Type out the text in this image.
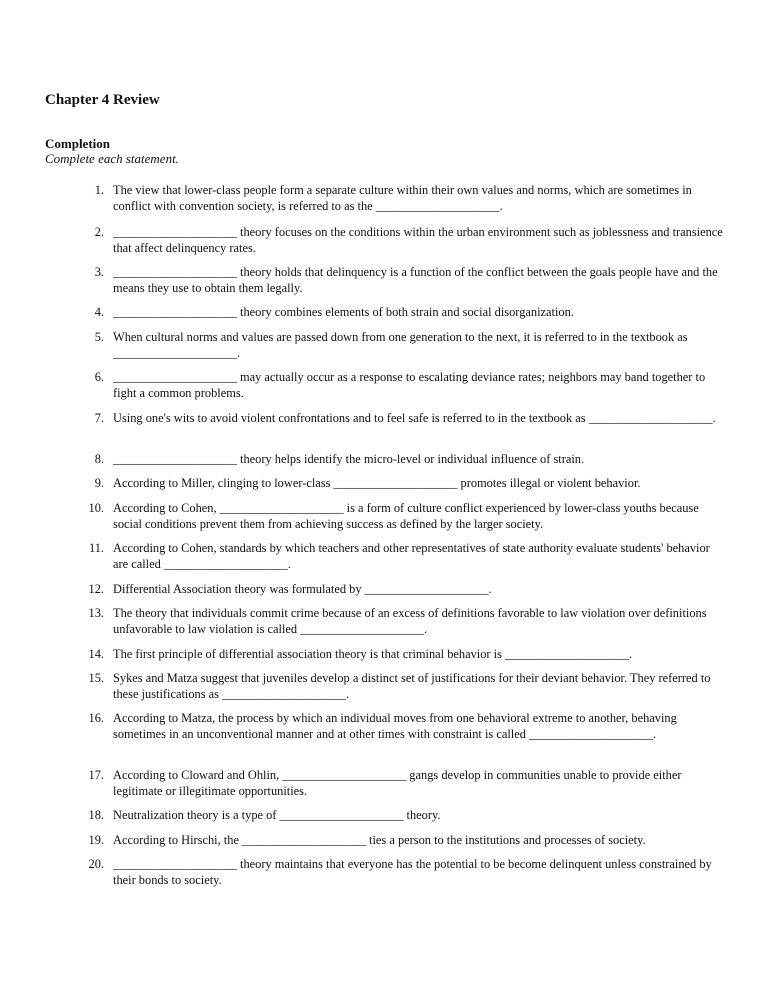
Chapter 4 Review
Completion

Complete each statement.

1. The view that lower-class people form a separate culture within their own values and norms, which are sometimes in conflict with convention society, is referred to as the ____________________.

2. ____________________ theory focuses on the conditions within the urban environment such as joblessness and transience that affect delinquency rates.

3. ____________________ theory holds that delinquency is a function of the conflict between the goals people have and the means they use to obtain them legally.

4. ____________________ theory combines elements of both strain and social disorganization.

5. When cultural norms and values are passed down from one generation to the next, it is referred to in the textbook as ____________________.

6. ____________________ may actually occur as a response to escalating deviance rates; neighbors may band together to fight a common problems.

7. Using one's wits to avoid violent confrontations and to feel safe is referred to in the textbook as ____________________.

8. ____________________ theory helps identify the micro-level or individual influence of strain.

9. According to Miller, clinging to lower-class ____________________ promotes illegal or violent behavior.

10. According to Cohen, ____________________ is a form of culture conflict experienced by lower-class youths because social conditions prevent them from achieving success as defined by the larger society.

11. According to Cohen, standards by which teachers and other representatives of state authority evaluate students' behavior are called ____________________.

12. Differential Association theory was formulated by ____________________.

13. The theory that individuals commit crime because of an excess of definitions favorable to law violation over definitions unfavorable to law violation is called ____________________.

14. The first principle of differential association theory is that criminal behavior is ____________________.

15. Sykes and Matza suggest that juveniles develop a distinct set of justifications for their deviant behavior. They referred to these justifications as ____________________.

16. According to Matza, the process by which an individual moves from one behavioral extreme to another, behaving sometimes in an unconventional manner and at other times with constraint is called ____________________.

17. According to Cloward and Ohlin, ____________________ gangs develop in communities unable to provide either legitimate or illegitimate opportunities.

18. Neutralization theory is a type of ____________________ theory.

19. According to Hirschi, the ____________________ ties a person to the institutions and processes of society.

20. ____________________ theory maintains that everyone has the potential to be become delinquent unless constrained by their bonds to society.
